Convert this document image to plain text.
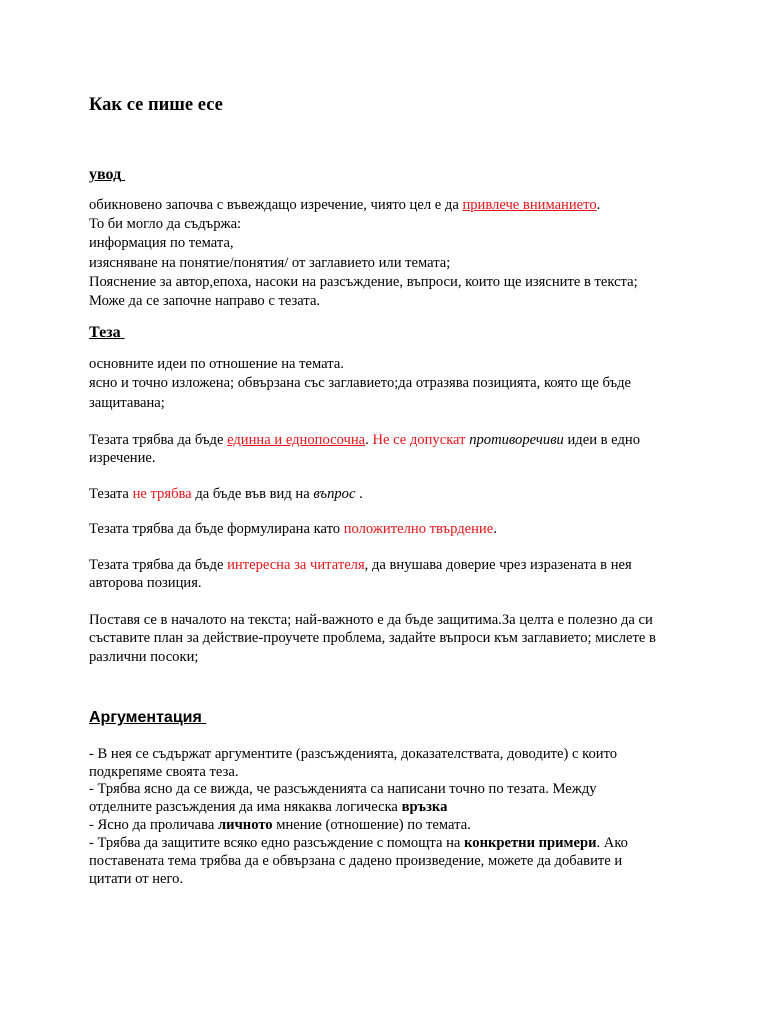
Как се пише есе
увод
обикновено започва с въвеждащо изречение, чиято цел е да привлече вниманието.
То би могло да съдържа:
информация по темата,
изясняване на понятие/понятия/ от заглавието или темата;
Пояснение за автор,епоха, насоки на разсъждение, въпроси, които ще изясните в текста;
Може да се започне направо с тезата.
Теза
основните идеи по отношение на темата.
ясно и точно изложена; обвързана със заглавието;да отразява позицията, която ще бъде
защитавана;
Тезата трябва да бъде единна и еднопосочна. Не се допускат противоречиви идеи в едно
изречение.
Тезата не трябва да бъде във вид на въпрос .
Тезата трябва да бъде формулирана като положително твърдение.
Тезата трябва да бъде интересна за читателя, да внушава доверие чрез изразената в нея
авторова позиция.
Поставя се в началото на текста; най-важното е да бъде защитима.За целта е полезно да си
съставите план за действие-проучете проблема, задайте въпроси към заглавието; мислете в
различни посоки;
Аргументация
- В нея се съдържат аргументите (разсъжденията, доказателствата, доводите) с които
подкрепяме своята теза.
- Трябва ясно да се вижда, че разсъжденията са написани точно по тезата. Между
отделните разсъждения да има някаква логическа връзка
- Ясно да проличава личното мнение (отношение) по темата.
- Трябва да защитите всяко едно разсъждение с помощта на конкретни примери. Ако
поставената тема трябва да е обвързана с дадено произведение, можете да добавите и
цитати от него.
